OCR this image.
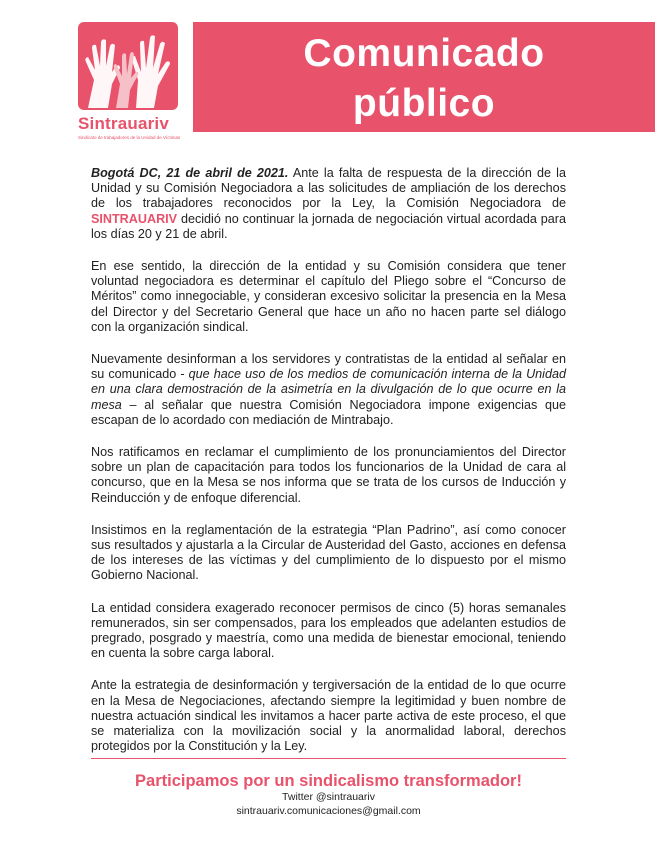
Sintrauariv
Sindicato de trabajadores de la Unidad de Víctimas
Comunicado
público

Bogotá DC, 21 de abril de 2021. Ante la falta de respuesta de la dirección de la Unidad y su Comisión Negociadora a las solicitudes de ampliación de los derechos de los trabajadores reconocidos por la Ley, la Comisión Negociadora de SINTRAUARIV decidió no continuar la jornada de negociación virtual acordada para los días 20 y 21 de abril.

En ese sentido, la dirección de la entidad y su Comisión considera que tener voluntad negociadora es determinar el capítulo del Pliego sobre el “Concurso de Méritos” como innegociable, y consideran excesivo solicitar la presencia en la Mesa del Director y del Secretario General que hace un año no hacen parte sel diálogo con la organización sindical.

Nuevamente desinforman a los servidores y contratistas de la entidad al señalar en su comunicado - que hace uso de los medios de comunicación interna de la Unidad en una clara demostración de la asimetría en la divulgación de lo que ocurre en la mesa – al señalar que nuestra Comisión Negociadora impone exigencias que escapan de lo acordado con mediación de Mintrabajo.

Nos ratificamos en reclamar el cumplimiento de los pronunciamientos del Director sobre un plan de capacitación para todos los funcionarios de la Unidad de cara al concurso, que en la Mesa se nos informa que se trata de los cursos de Inducción y Reinducción y de enfoque diferencial.

Insistimos en la reglamentación de la estrategia “Plan Padrino”, así como conocer sus resultados y ajustarla a la Circular de Austeridad del Gasto, acciones en defensa de los intereses de las víctimas y del cumplimiento de lo dispuesto por el mismo Gobierno Nacional.

La entidad considera exagerado reconocer permisos de cinco (5) horas semanales remunerados, sin ser compensados, para los empleados que adelanten estudios de pregrado, posgrado y maestría, como una medida de bienestar emocional, teniendo en cuenta la sobre carga laboral.

Ante la estrategia de desinformación y tergiversación de la entidad de lo que ocurre en la Mesa de Negociaciones, afectando siempre la legitimidad y buen nombre de nuestra actuación sindical les invitamos a hacer parte activa de este proceso, el que se materializa con la movilización social y la anormalidad laboral, derechos protegidos por la Constitución y la Ley.

Participamos por un sindicalismo transformador!
Twitter @sintrauariv
sintrauariv.comunicaciones@gmail.com
